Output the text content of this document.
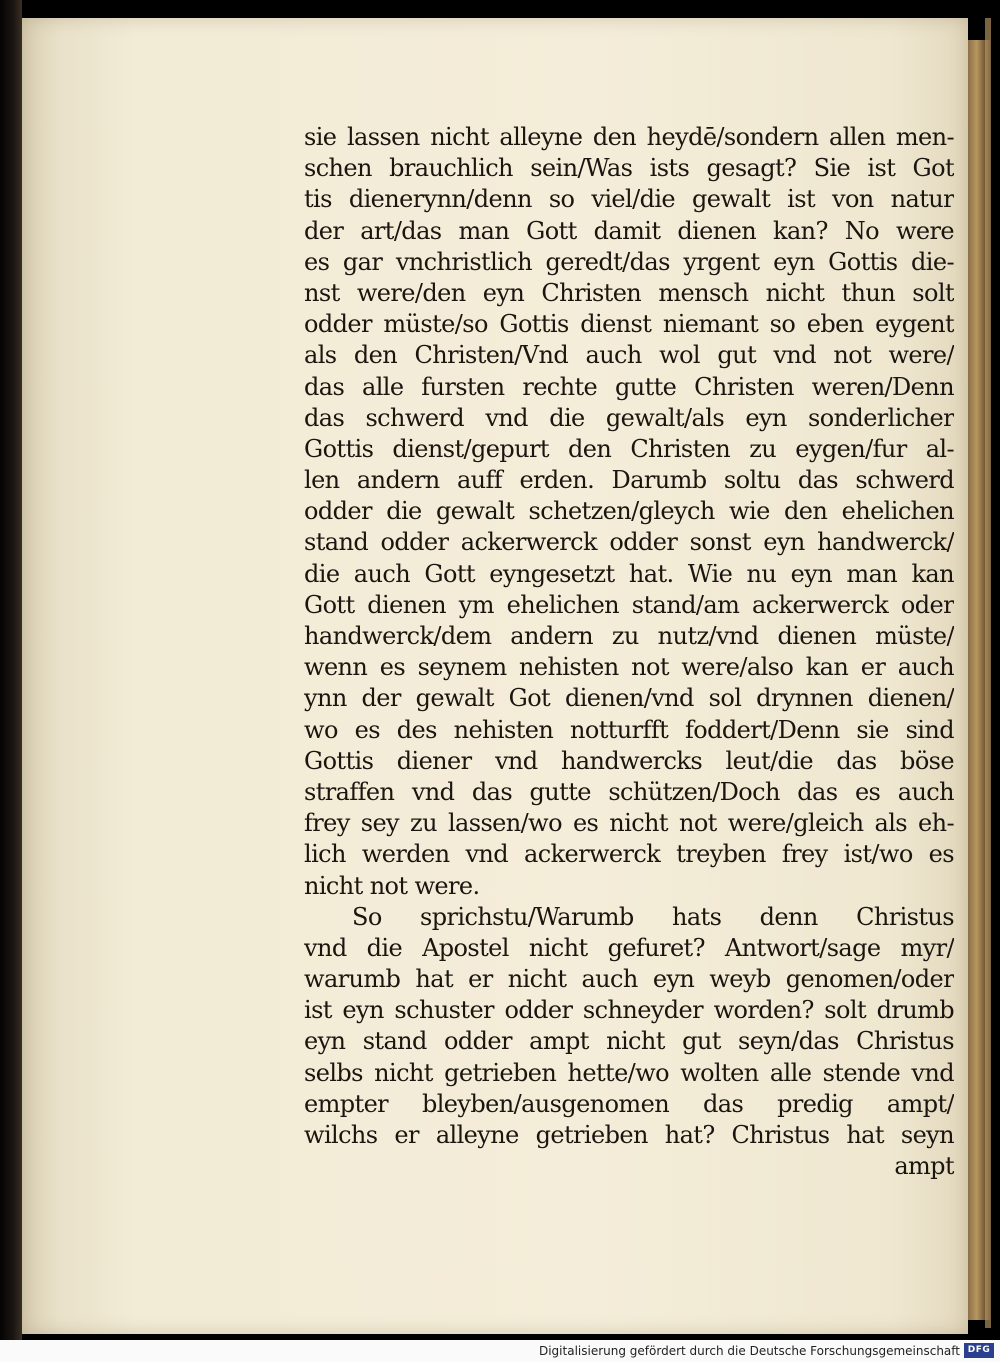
sie lassen nicht alleyne den heydē/sondern allen men-
schen brauchlich sein/Was ists gesagt? Sie ist Got
tis dienerynn/denn so viel/die gewalt ist von natur
der art/das man Gott damit dienen kan? No were
es gar vnchristlich geredt/das yrgent eyn Gottis die-
nst were/den eyn Christen mensch nicht thun solt
odder müste/so Gottis dienst niemant so eben eygent
als den Christen/Vnd auch wol gut vnd not were/
das alle fursten rechte gutte Christen weren/Denn
das schwerd vnd die gewalt/als eyn sonderlicher
Gottis dienst/gepurt den Christen zu eygen/fur al-
len andern auff erden. Darumb soltu das schwerd
odder die gewalt schetzen/gleych wie den ehelichen
stand odder ackerwerck odder sonst eyn handwerck/
die auch Gott eyngesetzt hat. Wie nu eyn man kan
Gott dienen ym ehelichen stand/am ackerwerck oder
handwerck/dem andern zu nutz/vnd dienen müste/
wenn es seynem nehisten not were/also kan er auch
ynn der gewalt Got dienen/vnd sol drynnen dienen/
wo es des nehisten notturfft foddert/Denn sie sind
Gottis diener vnd handwercks leut/die das böse
straffen vnd das gutte schützen/Doch das es auch
frey sey zu lassen/wo es nicht not were/gleich als eh-
lich werden vnd ackerwerck treyben frey ist/wo es
nicht not were.
So sprichstu/Warumb hats denn Christus
vnd die Apostel nicht gefuret? Antwort/sage myr/
warumb hat er nicht auch eyn weyb genomen/oder
ist eyn schuster odder schneyder worden? solt drumb
eyn stand odder ampt nicht gut seyn/das Christus
selbs nicht getrieben hette/wo wolten alle stende vnd
empter bleyben/ausgenomen das predig ampt/
wilchs er alleyne getrieben hat? Christus hat seyn
ampt
Digitalisierung gefördert durch die Deutsche Forschungsgemeinschaft DFG
